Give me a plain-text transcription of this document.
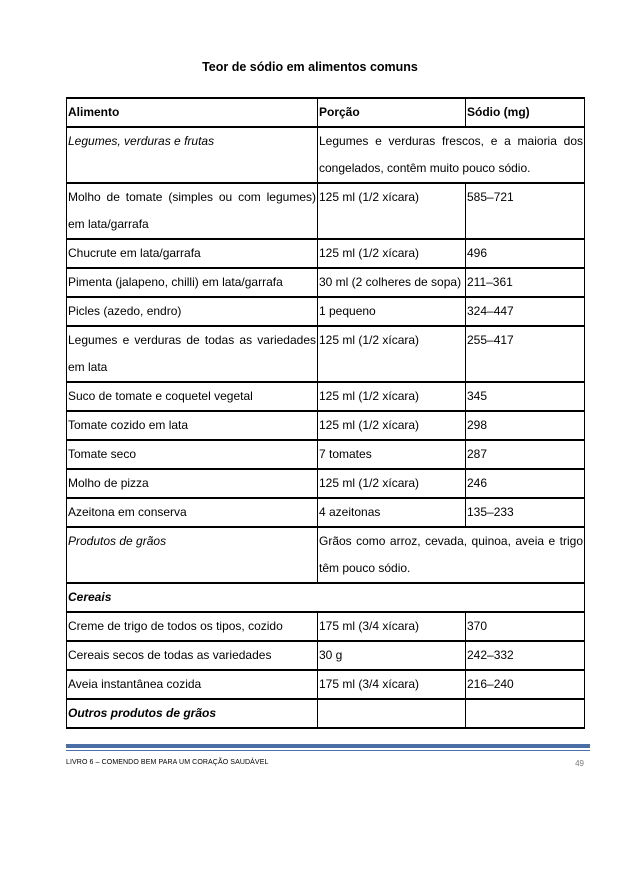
Teor de sódio em alimentos comuns
Alimento	Porção	Sódio (mg)
Legumes, verduras e frutas	Legumes e verduras frescos, e a maioria dos congelados, contêm muito pouco sódio.	
Molho de tomate (simples ou com legumes) em lata/garrafa	125 ml (1/2 xícara)	585–721
Chucrute em lata/garrafa	125 ml (1/2 xícara)	496
Pimenta (jalapeno, chilli) em lata/garrafa	30 ml (2 colheres de sopa)	211–361
Picles (azedo, endro)	1 pequeno	324–447
Legumes e verduras de todas as variedades em lata	125 ml (1/2 xícara)	255–417
Suco de tomate e coquetel vegetal	125 ml (1/2 xícara)	345
Tomate cozido em lata	125 ml (1/2 xícara)	298
Tomate seco	7 tomates	287
Molho de pizza	125 ml (1/2 xícara)	246
Azeitona em conserva	4 azeitonas	135–233
Produtos de grãos	Grãos como arroz, cevada, quinoa, aveia e trigo têm pouco sódio.	
Cereais		
Creme de trigo de todos os tipos, cozido	175 ml (3/4 xícara)	370
Cereais secos de todas as variedades	30 g	242–332
Aveia instantânea cozida	175 ml (3/4 xícara)	216–240
Outros produtos de grãos		
LIVRO 6 – COMENDO BEM PARA UM CORAÇÃO SAUDÁVEL	49
